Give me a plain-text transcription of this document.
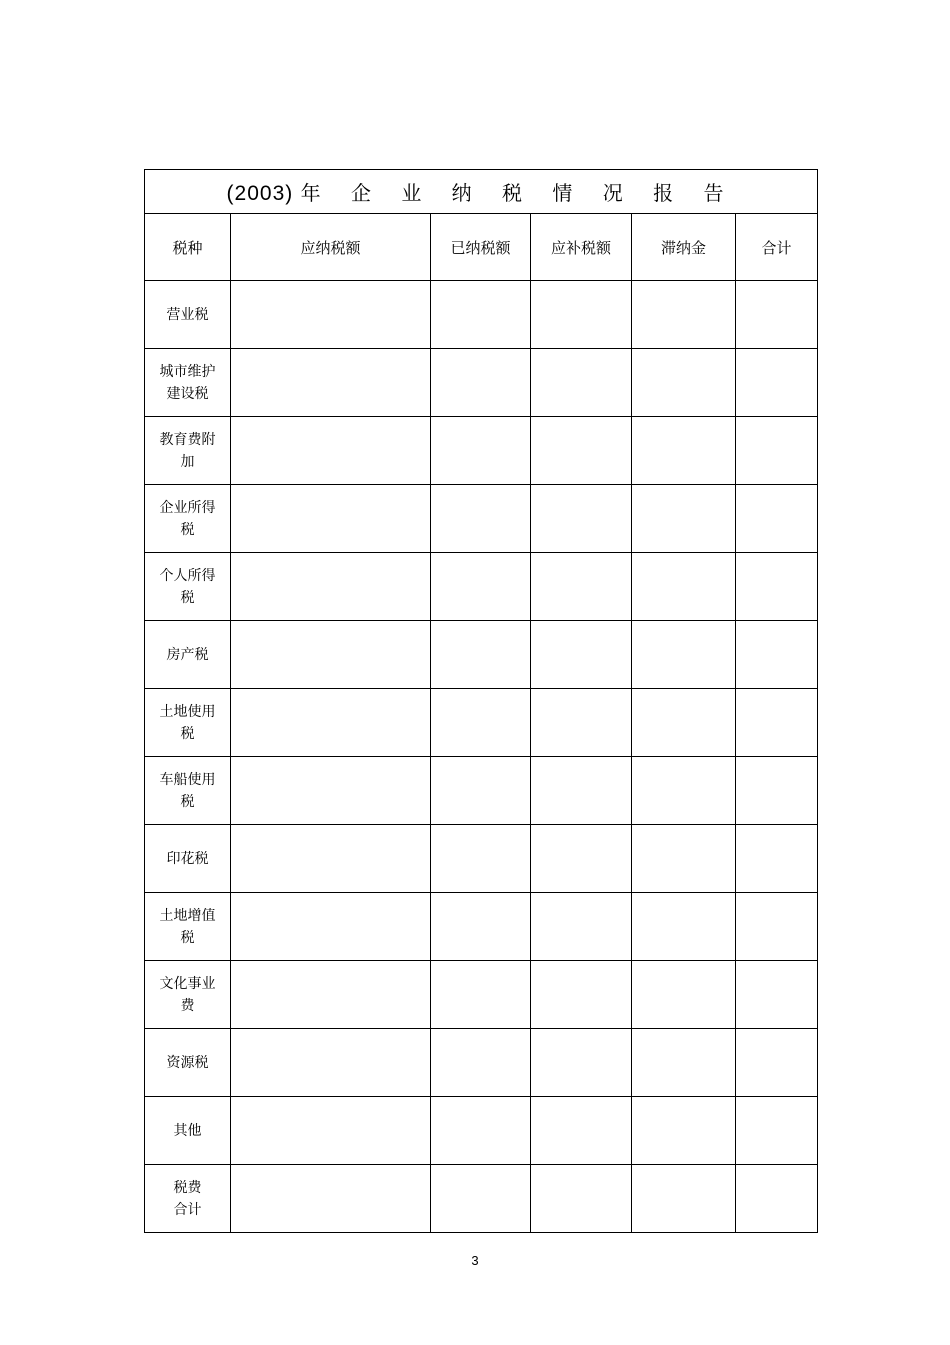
(2003) 年 企 业 纳 税 情 况 报 告					
税种	应纳税额	已纳税额	应补税额	滞纳金	合计

营业税					

城市维护
建设税					

教育费附
加					

企业所得
税					

个人所得
税					

房产税					

土地使用
税					

车船使用
税					

印花税					

土地增值
税					

文化事业
费					

资源税					

其他					

税费
合计					

3
